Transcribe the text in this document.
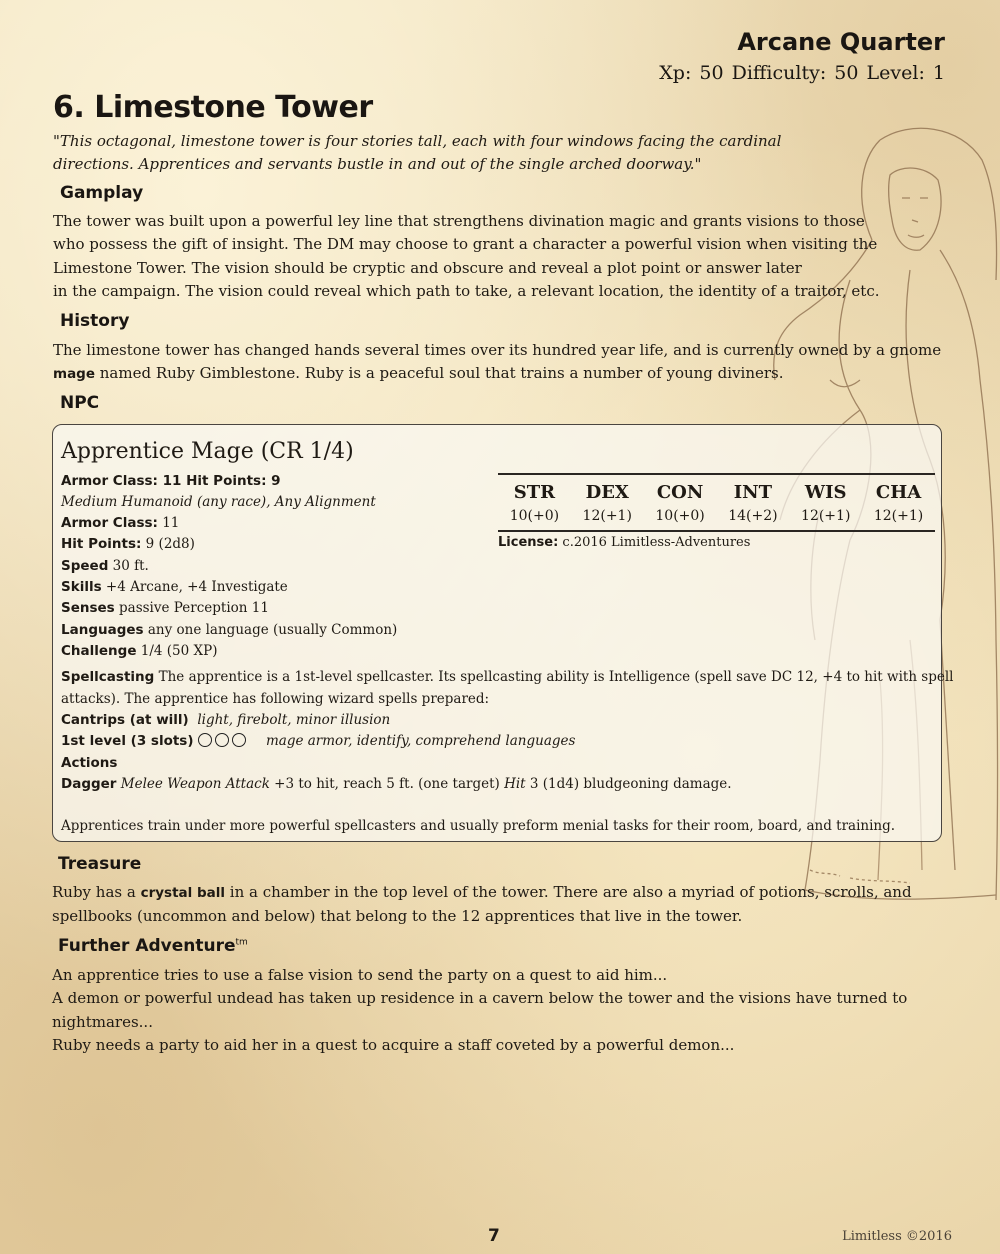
Arcane Quarter
Xp: 50 Difficulty: 50 Level: 1
6. Limestone Tower
"This octagonal, limestone tower is four stories tall, each with four windows facing the cardinal
directions. Apprentices and servants bustle in and out of the single arched doorway."
Gamplay
The tower was built upon a powerful ley line that strengthens divination magic and grants visions to those
who possess the gift of insight. The DM may choose to grant a character a powerful vision when visiting the
Limestone Tower. The vision should be cryptic and obscure and reveal a plot point or answer later
in the campaign. The vision could reveal which path to take, a relevant location, the identity of a traitor, etc.
History
The limestone tower has changed hands several times over its hundred year life, and is currently owned by a gnome
mage named Ruby Gimblestone. Ruby is a peaceful soul that trains a number of young diviners.
NPC
Apprentice Mage (CR 1/4)
Armor Class: 11 Hit Points: 9
Medium Humanoid (any race), Any Alignment
Armor Class: 11
Hit Points: 9 (2d8)
Speed 30 ft.
Skills +4 Arcane, +4 Investigate
Senses passive Perception 11
Languages any one language (usually Common)
Challenge 1/4 (50 XP)
STR	DEX	CON	INT	WIS	CHA
10(+0)	12(+1)	10(+0)	14(+2)	12(+1)	12(+1)
License: c.2016 Limitless-Adventures
Spellcasting The apprentice is a 1st-level spellcaster. Its spellcasting ability is Intelligence (spell save DC 12, +4 to hit with spell
attacks). The apprentice has following wizard spells prepared:
Cantrips (at will) light, firebolt, minor illusion
1st level (3 slots)	mage armor, identify, comprehend languages
Actions
Dagger Melee Weapon Attack +3 to hit, reach 5 ft. (one target) Hit 3 (1d4) bludgeoning damage.
Apprentices train under more powerful spellcasters and usually preform menial tasks for their room, board, and training.
Treasure
Ruby has a crystal ball in a chamber in the top level of the tower. There are also a myriad of potions, scrolls, and
spellbooks (uncommon and below) that belong to the 12 apprentices that live in the tower.
Further Adventure$^{tm}$
An apprentice tries to use a false vision to send the party on a quest to aid him...
A demon or powerful undead has taken up residence in a cavern below the tower and the visions have turned to
nightmares...
Ruby needs a party to aid her in a quest to acquire a staff coveted by a powerful demon...
7	Limitless ©2016
